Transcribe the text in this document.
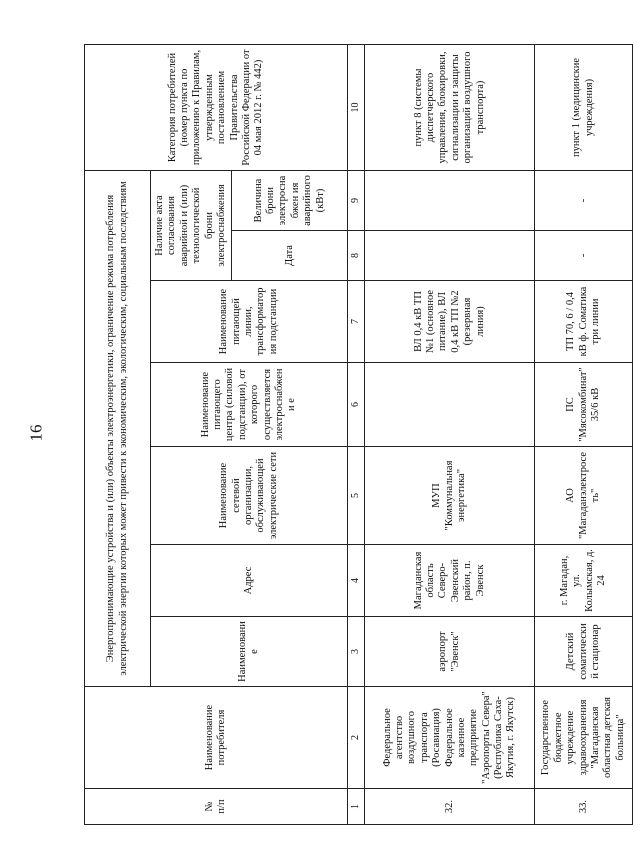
16
№
п/п	Наименование
потребителя	Энергопринимающие устройства и (или) объекты электроэнергетики, ограничение режима потребления электрической энергии которых может привести к экономическим, экологическим, социальным последствиям							Категория потребителей (номер пункта по приложению к Правилам, утвержденным постановлением Правительства Российской Федерации от 04 мая 2012 г. № 442)
		Наименование	Адрес	Наименование сетевой организации, обслуживающей электрические сети	Наименование питающего центра (силовой подстанции), от которого осуществляется электроснабжени е	Наименование питающей линии, трансформатор ия подстанции	Наличие акта согласования аварийной и (или) технологической брони электроснабжения		
							Дата	Величина брони электроснабжен ия аварийного (кВт)	
1	2	3	4	5	6	7	8	9	10
32.	Федеральное агентство воздушного транспорта (Росавиация) Федеральное казенное предприятие "Аэропорты Севера" (Республика Саха-Якутия, г. Якутск)	аэропорт "Эвенск"	Магаданская область Северо-Эвенский район, п. Эвенск	МУП "Коммунальная энергетика"		ВЛ 0,4 кВ ТП №1 (основное питание), ВЛ 0,4 кВ ТП №2 (резервная линия)			пункт 8 (системы диспетчерского управления, блокировки, сигнализации и защиты организаций воздушного транспорта)
33.	Государственное бюджетное учреждение здравоохранения "Магаданская областная детская больница"	Детский соматический стационар	г. Магадан, ул. Колымская, д. 24	АО "Магаданэлектросеть"	ПС "Мясокомбинат" 35/6 кВ	ТП 70, 6 / 0,4 кВ ф. Соматика три линии	-	-	пункт 1 (медицинские учреждения)
